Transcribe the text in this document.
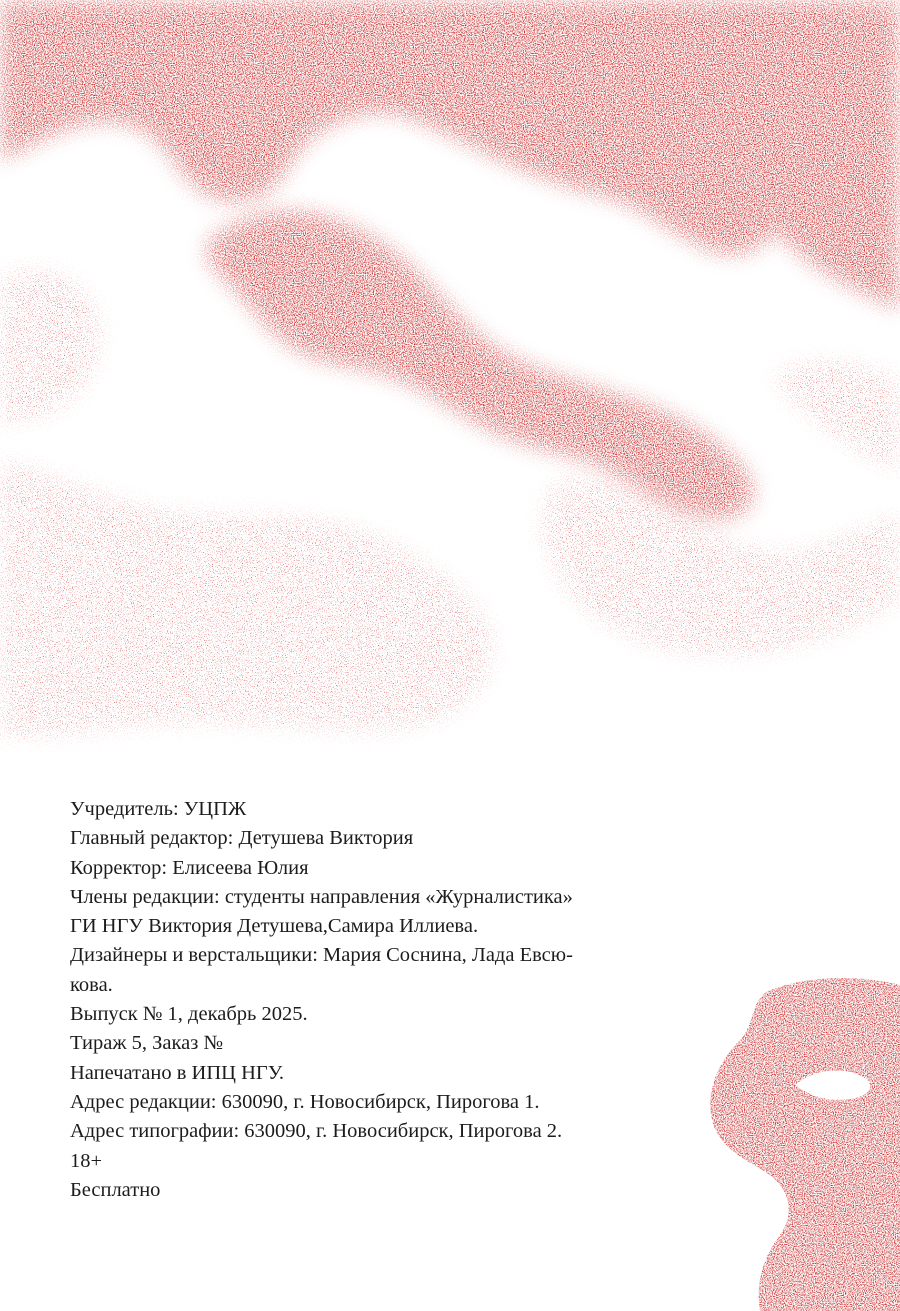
Учредитель: УЦПЖ
Главный редактор: Детушева Виктория
Корректор: Елисеева Юлия
Члены редакции: студенты направления «Журналистика»
ГИ НГУ Виктория Детушева,Самира Иллиева.
Дизайнеры и верстальщики: Мария Соснина, Лада Евсю-
кова.
Выпуск № 1, декабрь 2025.
Тираж 5, Заказ №
Напечатано в ИПЦ НГУ.
Адрес редакции: 630090, г. Новосибирск, Пирогова 1.
Адрес типографии: 630090, г. Новосибирск, Пирогова 2.
18+
Бесплатно
